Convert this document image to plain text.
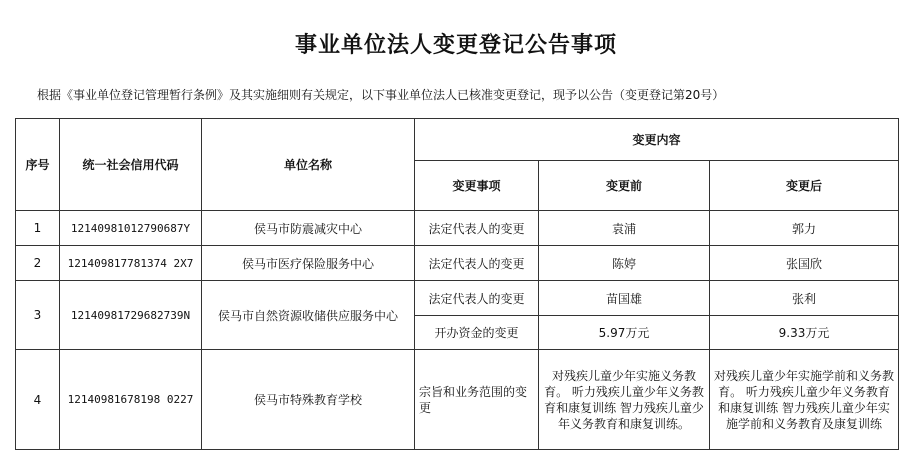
事业单位法人变更登记公告事项
根据《事业单位登记管理暂行条例》及其实施细则有关规定，以下事业单位法人已核准变更登记，现予以公告（变更登记第20号）
序号	统一社会信用代码	单位名称	变更内容		
			变更事项	变更前	变更后
1	12140981012790687Y	侯马市防震减灾中心	法定代表人的变更	袁浦	郭力
2	121409817781374 2X7	侯马市医疗保险服务中心	法定代表人的变更	陈婷	张国欣
3	12140981729682739N	侯马市自然资源收储供应服务中心	法定代表人的变更	苗国雄	张利
			开办资金的变更	5.97万元	9.33万元
4	12140981678198 0227	侯马市特殊教育学校	宗旨和业务范围的变更	对残疾儿童少年实施义务教育。 听力残疾儿童少年义务教育和康复训练 智力残疾儿童少年义务教育和康复训练。	对残疾儿童少年实施学前和义务教育。 听力残疾儿童少年义务教育和康复训练 智力残疾儿童少年实施学前和义务教育及康复训练
